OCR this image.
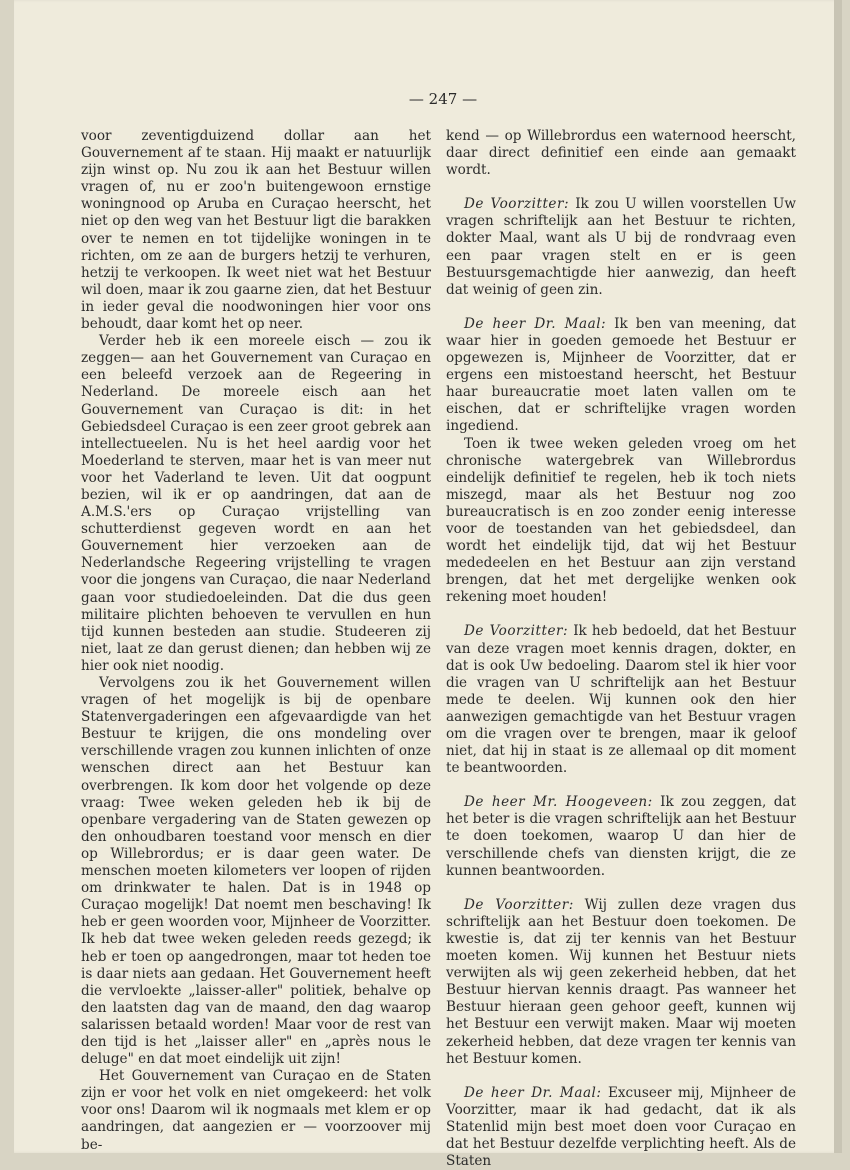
— 247 —

voor zeventigduizend dollar aan het Gouvernement af te staan. Hij maakt er natuurlijk zijn winst op. Nu zou ik aan het Bestuur willen vragen of, nu er zoo'n buitengewoon ernstige woningnood op Aruba en Curaçao heerscht, het niet op den weg van het Bestuur ligt die barakken over te nemen en tot tijdelijke woningen in te richten, om ze aan de burgers hetzij te verhuren, hetzij te verkoopen. Ik weet niet wat het Bestuur wil doen, maar ik zou gaarne zien, dat het Bestuur in ieder geval die noodwoningen hier voor ons behoudt, daar komt het op neer.

Verder heb ik een moreele eisch — zou ik zeggen— aan het Gouvernement van Curaçao en een beleefd verzoek aan de Regeering in Nederland. De moreele eisch aan het Gouvernement van Curaçao is dit: in het Gebiedsdeel Curaçao is een zeer groot gebrek aan intellectueelen. Nu is het heel aardig voor het Moederland te sterven, maar het is van meer nut voor het Vaderland te leven. Uit dat oogpunt bezien, wil ik er op aandringen, dat aan de A.M.S.'ers op Curaçao vrijstelling van schutterdienst gegeven wordt en aan het Gouvernement hier verzoeken aan de Nederlandsche Regeering vrijstelling te vragen voor die jongens van Curaçao, die naar Nederland gaan voor studiedoeleinden. Dat die dus geen militaire plichten behoeven te vervullen en hun tijd kunnen besteden aan studie. Studeeren zij niet, laat ze dan gerust dienen; dan hebben wij ze hier ook niet noodig.

Vervolgens zou ik het Gouvernement willen vragen of het mogelijk is bij de openbare Statenvergaderingen een afgevaardigde van het Bestuur te krijgen, die ons mondeling over verschillende vragen zou kunnen inlichten of onze wenschen direct aan het Bestuur kan overbrengen. Ik kom door het volgende op deze vraag: Twee weken geleden heb ik bij de openbare vergadering van de Staten gewezen op den onhoudbaren toestand voor mensch en dier op Willebrordus; er is daar geen water. De menschen moeten kilometers ver loopen of rijden om drinkwater te halen. Dat is in 1948 op Curaçao mogelijk! Dat noemt men beschaving! Ik heb er geen woorden voor, Mijnheer de Voorzitter. Ik heb dat twee weken geleden reeds gezegd; ik heb er toen op aangedrongen, maar tot heden toe is daar niets aan gedaan. Het Gouvernement heeft die vervloekte „laisser-aller" politiek, behalve op den laatsten dag van de maand, den dag waarop salarissen betaald worden! Maar voor de rest van den tijd is het „laisser aller" en „après nous le deluge" en dat moet eindelijk uit zijn!

Het Gouvernement van Curaçao en de Staten zijn er voor het volk en niet omgekeerd: het volk voor ons! Daarom wil ik nogmaals met klem er op aandringen, dat aangezien er — voorzoover mij be-

kend — op Willebrordus een waternood heerscht, daar direct definitief een einde aan gemaakt wordt.

De Voorzitter: Ik zou U willen voorstellen Uw vragen schriftelijk aan het Bestuur te richten, dokter Maal, want als U bij de rondvraag even een paar vragen stelt en er is geen Bestuursgemachtigde hier aanwezig, dan heeft dat weinig of geen zin.

De heer Dr. Maal: Ik ben van meening, dat waar hier in goeden gemoede het Bestuur er opgewezen is, Mijnheer de Voorzitter, dat er ergens een mistoestand heerscht, het Bestuur haar bureaucratie moet laten vallen om te eischen, dat er schriftelijke vragen worden ingediend.

Toen ik twee weken geleden vroeg om het chronische watergebrek van Willebrordus eindelijk definitief te regelen, heb ik toch niets miszegd, maar als het Bestuur nog zoo bureaucratisch is en zoo zonder eenig interesse voor de toestanden van het gebiedsdeel, dan wordt het eindelijk tijd, dat wij het Bestuur mededeelen en het Bestuur aan zijn verstand brengen, dat het met dergelijke wenken ook rekening moet houden!

De Voorzitter: Ik heb bedoeld, dat het Bestuur van deze vragen moet kennis dragen, dokter, en dat is ook Uw bedoeling. Daarom stel ik hier voor die vragen van U schriftelijk aan het Bestuur mede te deelen. Wij kunnen ook den hier aanwezigen gemachtigde van het Bestuur vragen om die vragen over te brengen, maar ik geloof niet, dat hij in staat is ze allemaal op dit moment te beantwoorden.

De heer Mr. Hoogeveen: Ik zou zeggen, dat het beter is die vragen schriftelijk aan het Bestuur te doen toekomen, waarop U dan hier de verschillende chefs van diensten krijgt, die ze kunnen beantwoorden.

De Voorzitter: Wij zullen deze vragen dus schriftelijk aan het Bestuur doen toekomen. De kwestie is, dat zij ter kennis van het Bestuur moeten komen. Wij kunnen het Bestuur niets verwijten als wij geen zekerheid hebben, dat het Bestuur hiervan kennis draagt. Pas wanneer het Bestuur hieraan geen gehoor geeft, kunnen wij het Bestuur een verwijt maken. Maar wij moeten zekerheid hebben, dat deze vragen ter kennis van het Bestuur komen.

De heer Dr. Maal: Excuseer mij, Mijnheer de Voorzitter, maar ik had gedacht, dat ik als Statenlid mijn best moet doen voor Curaçao en dat het Bestuur dezelfde verplichting heeft. Als de Staten
